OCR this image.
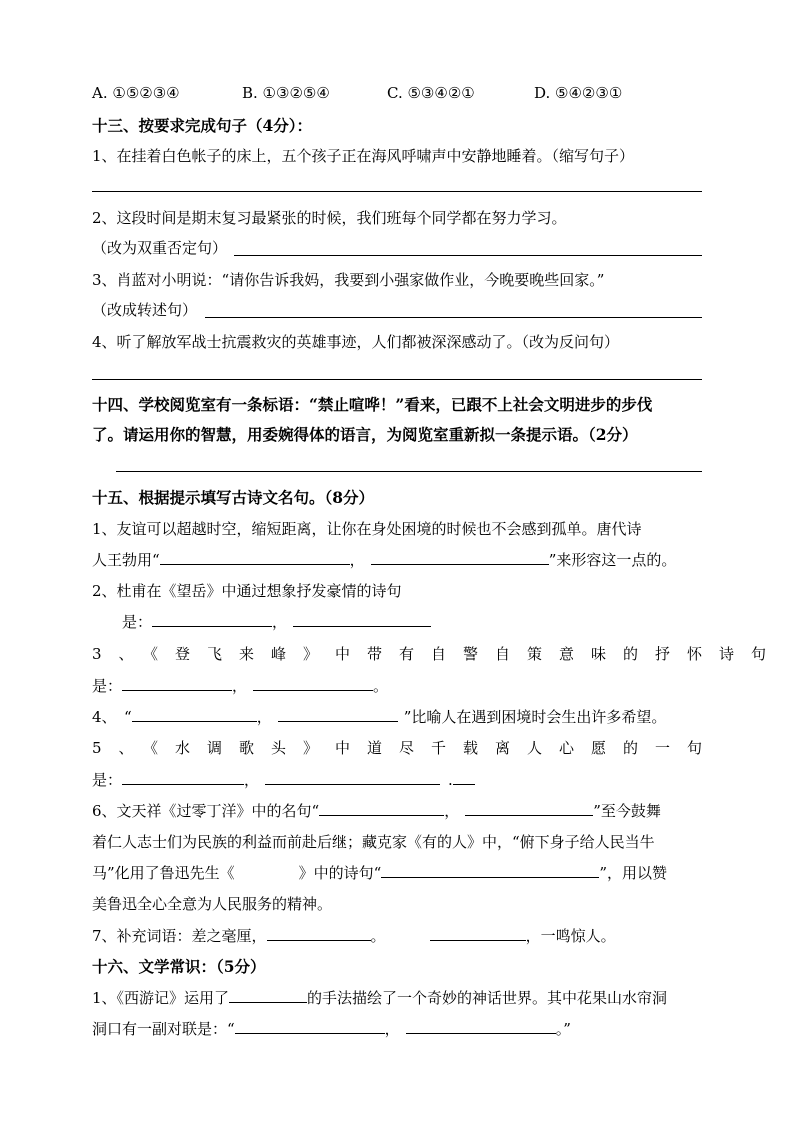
A. ①⑤②③④	B. ①③②⑤④	C. ⑤③④②①	D. ⑤④②③①
十三、按要求完成句子（4分）：
1、在挂着白色帐子的床上，五个孩子正在海风呼啸声中安静地睡着。（缩写句子）
2、这段时间是期末复习最紧张的时候，我们班每个同学都在努力学习。
（改为双重否定句）
3、肖蓝对小明说：“请你告诉我妈，我要到小强家做作业，今晚要晚些回家。”
（改成转述句）
4、听了解放军战士抗震救灾的英雄事迹，人们都被深深感动了。（改为反问句）
十四、学校阅览室有一条标语：“禁止喧哗！”看来，已跟不上社会文明进步的步伐
了。请运用你的智慧，用委婉得体的语言，为阅览室重新拟一条提示语。（2分）
十五、根据提示填写古诗文名句。（8分）
1、友谊可以超越时空，缩短距离，让你在身处困境的时候也不会感到孤单。唐代诗
人王勃用“	，	”来形容这一点的。
2、杜甫在《望岳》中通过想象抒发豪情的诗句
是：	，
3、《登飞来峰》中带有自警自策意味的抒怀诗句
是：	，	。
4、　“	，	”比喻人在遇到困境时会生出许多希望。
5、《水调歌头》中道尽千载离人心愿的一句
是：	，	.
6、文天祥《过零丁洋》中的名句“	，	”至今鼓舞
着仁人志士们为民族的利益而前赴后继；藏克家《有的人》中，“俯下身子给人民当牛
马”化用了鲁迅先生《	》中的诗句“	”，用以赞
美鲁迅全心全意为人民服务的精神。
7、补充词语：差之毫厘，	。	，一鸣惊人。
十六、文学常识：（5分）
1、《西游记》运用了	的手法描绘了一个奇妙的神话世界。其中花果山水帘洞
洞口有一副对联是：“	，	。”
